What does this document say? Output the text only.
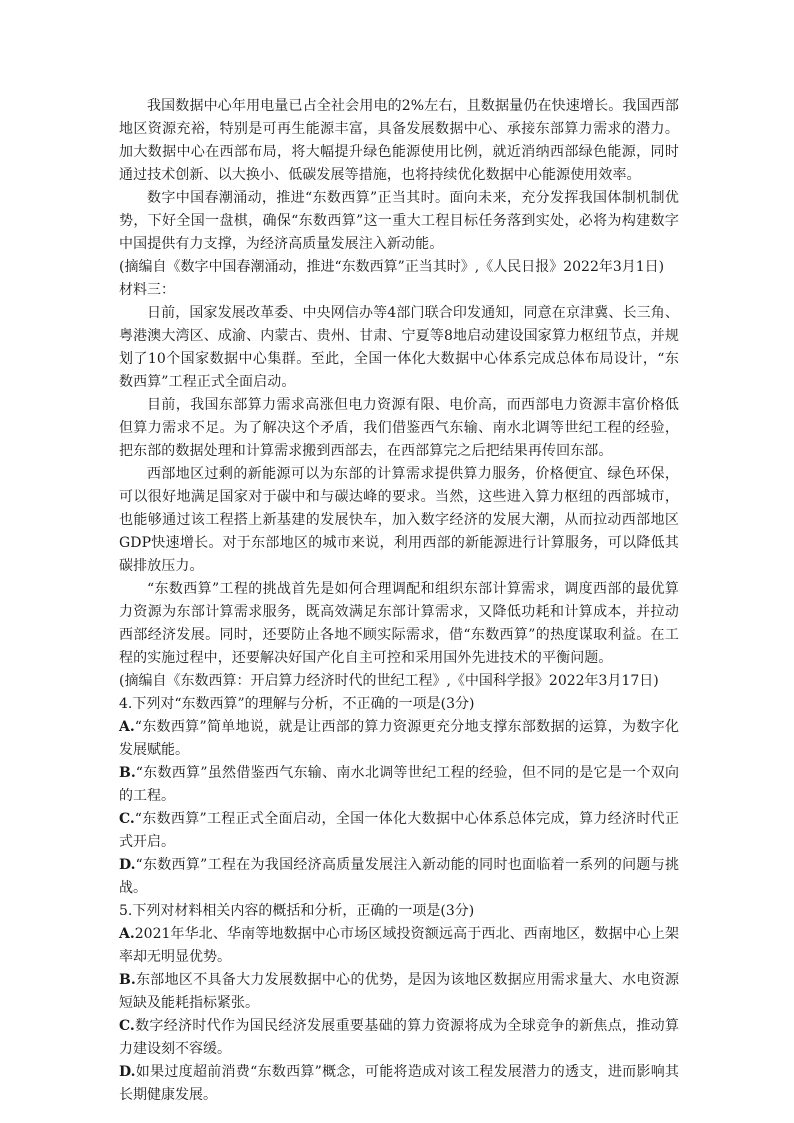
我国数据中心年用电量已占全社会用电的2%左右，且数据量仍在快速增长。我国西部地区资源充裕，特别是可再生能源丰富，具备发展数据中心、承接东部算力需求的潜力。加大数据中心在西部布局，将大幅提升绿色能源使用比例，就近消纳西部绿色能源，同时通过技术创新、以大换小、低碳发展等措施，也将持续优化数据中心能源使用效率。

数字中国春潮涌动，推进“东数西算”正当其时。面向未来，充分发挥我国体制机制优势，下好全国一盘棋，确保“东数西算”这一重大工程目标任务落到实处，必将为构建数字中国提供有力支撑，为经济高质量发展注入新动能。

(摘编自《数字中国春潮涌动，推进“东数西算”正当其时》,《人民日报》2022年3月1日)

材料三：

日前，国家发展改革委、中央网信办等4部门联合印发通知，同意在京津冀、长三角、粤港澳大湾区、成渝、内蒙古、贵州、甘肃、宁夏等8地启动建设国家算力枢纽节点，并规划了10个国家数据中心集群。至此，全国一体化大数据中心体系完成总体布局设计，“东数西算”工程正式全面启动。

目前，我国东部算力需求高涨但电力资源有限、电价高，而西部电力资源丰富价格低但算力需求不足。为了解决这个矛盾，我们借鉴西气东输、南水北调等世纪工程的经验，把东部的数据处理和计算需求搬到西部去，在西部算完之后把结果再传回东部。

西部地区过剩的新能源可以为东部的计算需求提供算力服务，价格便宜、绿色环保，可以很好地满足国家对于碳中和与碳达峰的要求。当然，这些进入算力枢纽的西部城市，也能够通过该工程搭上新基建的发展快车，加入数字经济的发展大潮，从而拉动西部地区GDP快速增长。对于东部地区的城市来说，利用西部的新能源进行计算服务，可以降低其碳排放压力。

“东数西算”工程的挑战首先是如何合理调配和组织东部计算需求，调度西部的最优算力资源为东部计算需求服务，既高效满足东部计算需求，又降低功耗和计算成本，并拉动西部经济发展。同时，还要防止各地不顾实际需求，借“东数西算”的热度谋取利益。在工程的实施过程中，还要解决好国产化自主可控和采用国外先进技术的平衡问题。

(摘编自《东数西算：开启算力经济时代的世纪工程》,《中国科学报》2022年3月17日)

4.下列对“东数西算”的理解与分析，不正确的一项是(3分)

A.“东数西算”简单地说，就是让西部的算力资源更充分地支撑东部数据的运算，为数字化发展赋能。

B.“东数西算”虽然借鉴西气东输、南水北调等世纪工程的经验，但不同的是它是一个双向的工程。

C.“东数西算”工程正式全面启动，全国一体化大数据中心体系总体完成，算力经济时代正式开启。

D.“东数西算”工程在为我国经济高质量发展注入新动能的同时也面临着一系列的问题与挑战。

5.下列对材料相关内容的概括和分析，正确的一项是(3分)

A.2021年华北、华南等地数据中心市场区域投资额远高于西北、西南地区，数据中心上架率却无明显优势。

B.东部地区不具备大力发展数据中心的优势，是因为该地区数据应用需求量大、水电资源短缺及能耗指标紧张。

C.数字经济时代作为国民经济发展重要基础的算力资源将成为全球竞争的新焦点，推动算力建设刻不容缓。

D.如果过度超前消费“东数西算”概念，可能将造成对该工程发展潜力的透支，进而影响其长期健康发展。
